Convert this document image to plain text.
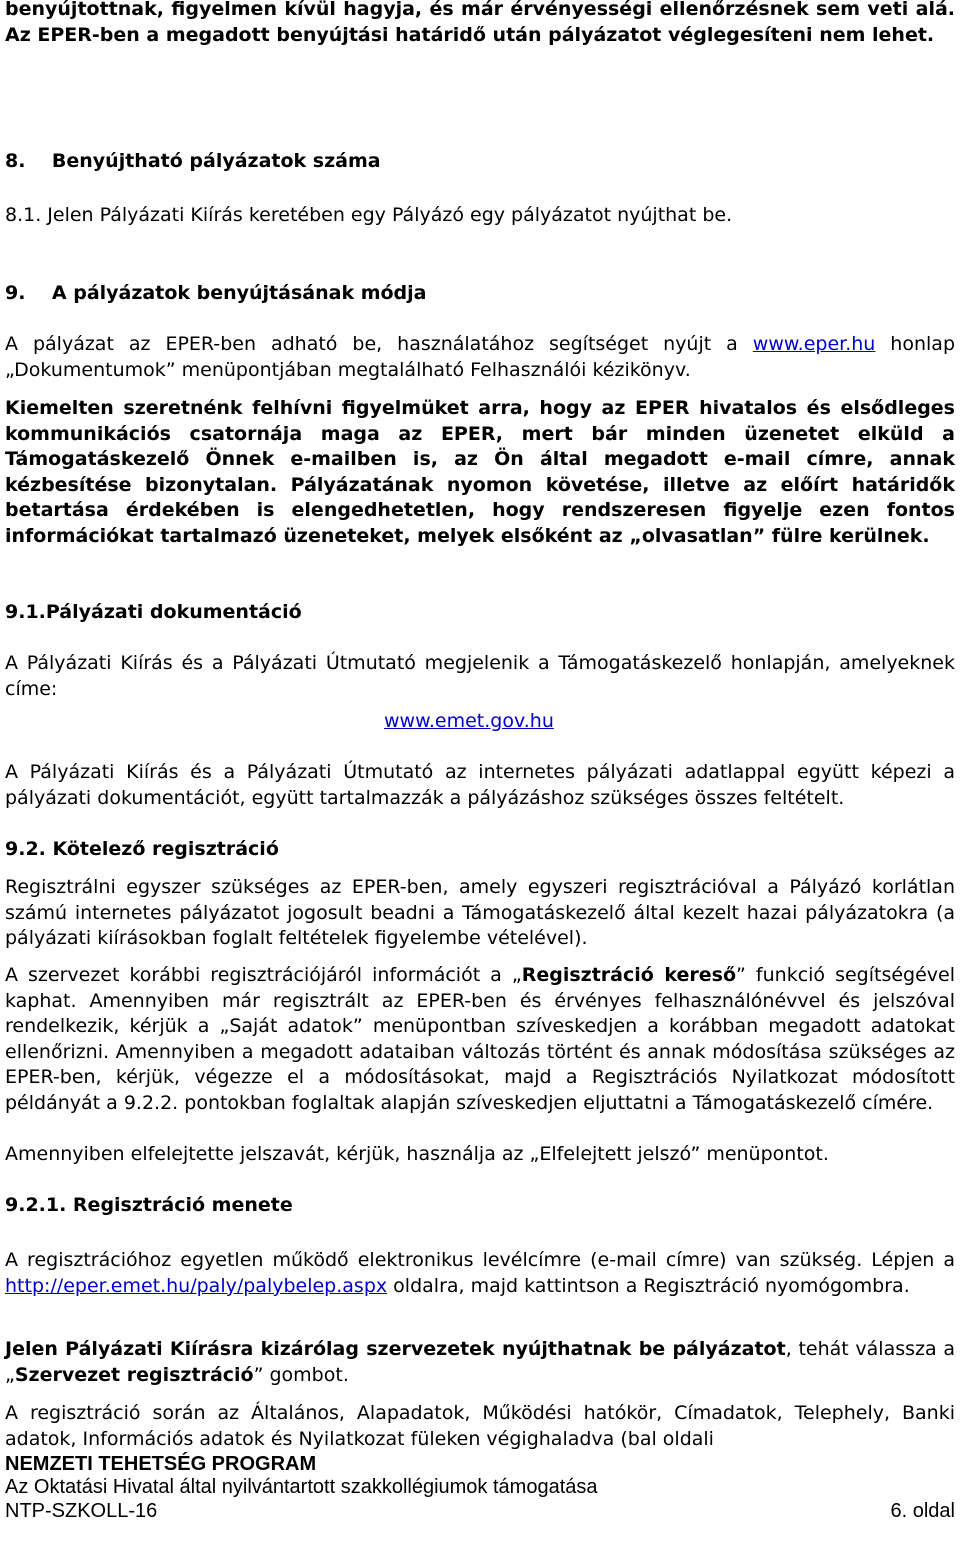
benyújtottnak, figyelmen kívül hagyja, és már érvényességi ellenőrzésnek sem veti alá. Az EPER-ben a megadott benyújtási határidő után pályázatot véglegesíteni nem lehet.

8.    Benyújtható pályázatok száma

8.1. Jelen Pályázati Kiírás keretében egy Pályázó egy pályázatot nyújthat be.

9.    A pályázatok benyújtásának módja

A pályázat az EPER-ben adható be, használatához segítséget nyújt a www.eper.hu honlap „Dokumentumok” menüpontjában megtalálható Felhasználói kézikönyv.

Kiemelten szeretnénk felhívni figyelmüket arra, hogy az EPER hivatalos és elsődleges kommunikációs csatornája maga az EPER, mert bár minden üzenetet elküld a Támogatáskezelő Önnek e-mailben is, az Ön által megadott e-mail címre, annak kézbesítése bizonytalan. Pályázatának nyomon követése, illetve az előírt határidők betartása érdekében is elengedhetetlen, hogy rendszeresen figyelje ezen fontos információkat tartalmazó üzeneteket, melyek elsőként az „olvasatlan” fülre kerülnek.

9.1.Pályázati dokumentáció

A Pályázati Kiírás és a Pályázati Útmutató megjelenik a Támogatáskezelő honlapján, amelyeknek címe:

www.emet.gov.hu

A Pályázati Kiírás és a Pályázati Útmutató az internetes pályázati adatlappal együtt képezi a pályázati dokumentációt, együtt tartalmazzák a pályázáshoz szükséges összes feltételt.

9.2. Kötelező regisztráció

Regisztrálni egyszer szükséges az EPER-ben, amely egyszeri regisztrációval a Pályázó korlátlan számú internetes pályázatot jogosult beadni a Támogatáskezelő által kezelt hazai pályázatokra (a pályázati kiírásokban foglalt feltételek figyelembe vételével).

A szervezet korábbi regisztrációjáról információt a „Regisztráció kereső” funkció segítségével kaphat. Amennyiben már regisztrált az EPER-ben és érvényes felhasználónévvel és jelszóval rendelkezik, kérjük a „Saját adatok” menüpontban szíveskedjen a korábban megadott adatokat ellenőrizni. Amennyiben a megadott adataiban változás történt és annak módosítása szükséges az EPER-ben, kérjük, végezze el a módosításokat, majd a Regisztrációs Nyilatkozat módosított példányát a 9.2.2. pontokban foglaltak alapján szíveskedjen eljuttatni a Támogatáskezelő címére.

Amennyiben elfelejtette jelszavát, kérjük, használja az „Elfelejtett jelszó” menüpontot.

9.2.1. Regisztráció menete

A regisztrációhoz egyetlen működő elektronikus levélcímre (e-mail címre) van szükség. Lépjen a http://eper.emet.hu/paly/palybelep.aspx oldalra, majd kattintson a Regisztráció nyomógombra.

Jelen Pályázati Kiírásra kizárólag szervezetek nyújthatnak be pályázatot, tehát válassza a „Szervezet regisztráció” gombot.

A regisztráció során az Általános, Alapadatok, Működési hatókör, Címadatok, Telephely, Banki adatok, Információs adatok és Nyilatkozat füleken végighaladva (bal oldali

NEMZETI TEHETSÉG PROGRAM

Az Oktatási Hivatal által nyilvántartott szakkollégiumok támogatása

NTP-SZKOLL-16	6. oldal
